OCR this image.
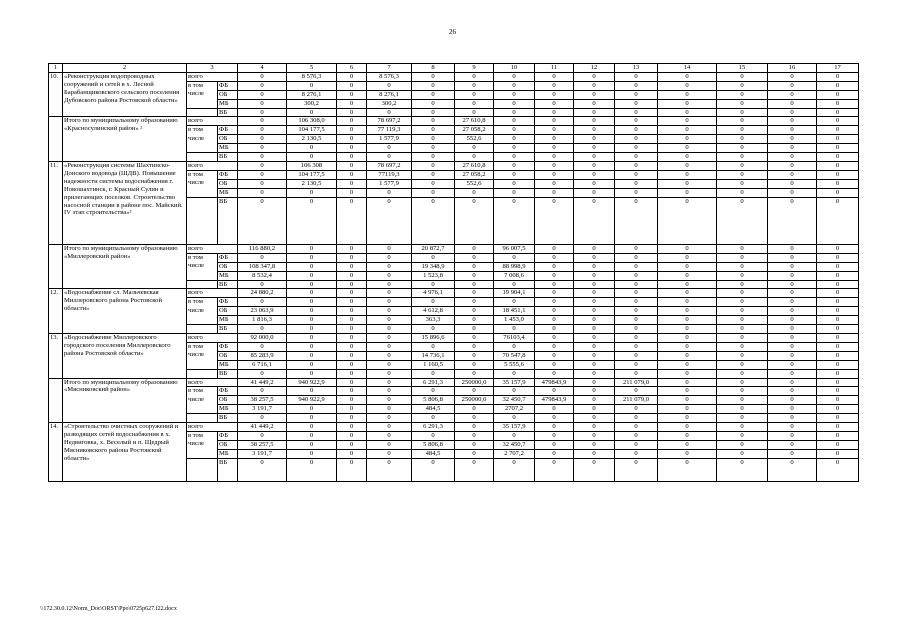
26
1	2	3		4	5	6	7	8	9	10	11	12	13	14	15	16	17
10.	«Реконструкция водопроводных сооружений и сетей в х. Лесной Барабанщиковского сельского поселения Дубовского района Ростовской области»	всего		0	8 576,3	0	8 576,3	0	0	0	0	0	0	0	0	0	0
		в том	ФБ	0	0	0	0	0	0	0	0	0	0	0	0	0	0
		числе	ОБ	0	8 276,1	0	8 276,1	0	0	0	0	0	0	0	0	0	0
			МБ	0	300,2	0	300,2	0	0	0	0	0	0	0	0	0	0
			ВБ	0	0	0	0	0	0	0	0	0	0	0	0	0	0
	Итого по муниципальному образованию «Красносулинский район» ²	всего		0	106 308,0	0	78 697,2	0	27 610,8	0	0	0	0	0	0	0	0
		в том	ФБ	0	104 177,5	0	77 119,3	0	27 058,2	0	0	0	0	0	0	0	0
		числе	ОБ	0	2 130,5	0	1 577,9	0	552,6	0	0	0	0	0	0	0	0
			МБ	0	0	0	0	0	0	0	0	0	0	0	0	0	0
			ВБ	0	0	0	0	0	0	0	0	0	0	0	0	0	0
11.	«Реконструкция системы Шахтинско-Донского водовода (ШДВ). Повышение надежности системы водоснабжения г. Новошахтинск, г. Красный Сулин и прилегающих поселков. Строительство насосной станции в районе пос. Майский. IV этап строительства»²	всего		0	106 308	0	78 697,2	0	27 610,8	0	0	0	0	0	0	0	0
		в том	ФБ	0	104 177,5	0	77119,3	0	27 058,2	0	0	0	0	0	0	0	0
		числе	ОБ	0	2 130,5	0	1 577,9	0	552,6	0	0	0	0	0	0	0	0
			МБ	0	0	0	0	0	0	0	0	0	0	0	0	0	0
			ВБ	0	0	0	0	0	0	0	0	0	0	0	0	0	0

	Итого по муниципальному образованию «Миллеровский район»	всего		116 880,2	0	0	0	20 872,7	0	96 007,5	0	0	0	0	0	0	0
		в том	ФБ	0	0	0	0	0	0	0	0	0	0	0	0	0	0
		числе	ОБ	108 347,8	0	0	0	19 348,9	0	88 998,9	0	0	0	0	0	0	0
			МБ	8 532,4	0	0	0	1 523,8	0	7 008,6	0	0	0	0	0	0	0
			ВБ	0	0	0	0	0	0	0	0	0	0	0	0	0	0
12.	«Водоснабжение сл. Мальчевская Миллеровского района Ростовской области»	всего		24 880,2	0	0	0	4 976,1	0	19 904,1	0	0	0	0	0	0	0
		в том	ФБ	0	0	0	0	0	0	0	0	0	0	0	0	0	0
		числе	ОБ	23 063,9	0	0	0	4 612,8	0	18 451,1	0	0	0	0	0	0	0
			МБ	1 816,3	0	0	0	363,3	0	1 453,0	0	0	0	0	0	0	0
			ВБ	0	0	0	0	0	0	0	0	0	0	0	0	0	0
13.	«Водоснабжение Миллеровского городского поселения Миллеровского района Ростовской области»	всего		92 000,0	0	0	0	15 896,6	0	76103,4	0	0	0	0	0	0	0
		в том	ФБ	0	0	0	0	0	0	0	0	0	0	0	0	0	0
		числе	ОБ	85 283,9	0	0	0	14 736,1	0	70 547,8	0	0	0	0	0	0	0
			МБ	6 716,1	0	0	0	1 160,5	0	5 555,6	0	0	0	0	0	0	0
			ВБ	0	0	0	0	0	0	0	0	0	0	0	0	0	0
	Итого по муниципальному образованию «Мясниковский район»	всего		41 449,2	940 922,9	0	0	6 291,3	250000,0	35 157,9	479843,9	0	211 079,0	0	0	0	0
		в том	ФБ	0	0	0	0	0	0	0	0	0	0	0	0	0	0
		числе	ОБ	38 257,5	940 922,9	0	0	5 806,8	250000,0	32 450,7	479843,9	0	211 079,0	0	0	0	0
			МБ	3 191,7	0	0	0	484,5	0	2707,2	0	0	0	0	0	0	0
			ВБ	0	0	0	0	0	0	0	0	0	0	0	0	0	0
14.	«Строительство очистных сооружений и разводящих сетей водоснабжения в х. Недвиговка, х. Веселый и п. Щедрый Мясниковского района Ростовской области»	всего		41 449,2	0	0	0	6 291,3	0	35 157,9	0	0	0	0	0	0	0
		в том	ФБ	0	0	0	0	0	0	0	0	0	0	0	0	0	0
		числе	ОБ	38 257,5	0	0	0	5 806,8	0	32 450,7	0	0	0	0	0	0	0
			МБ	3 191,7	0	0	0	484,5	0	2 707,2	0	0	0	0	0	0	0
			ВБ	0	0	0	0	0	0	0	0	0	0	0	0	0	0

\\172.30.0.12\Norm_Doc\ORST\Ppo\0725p627.f22.docx
